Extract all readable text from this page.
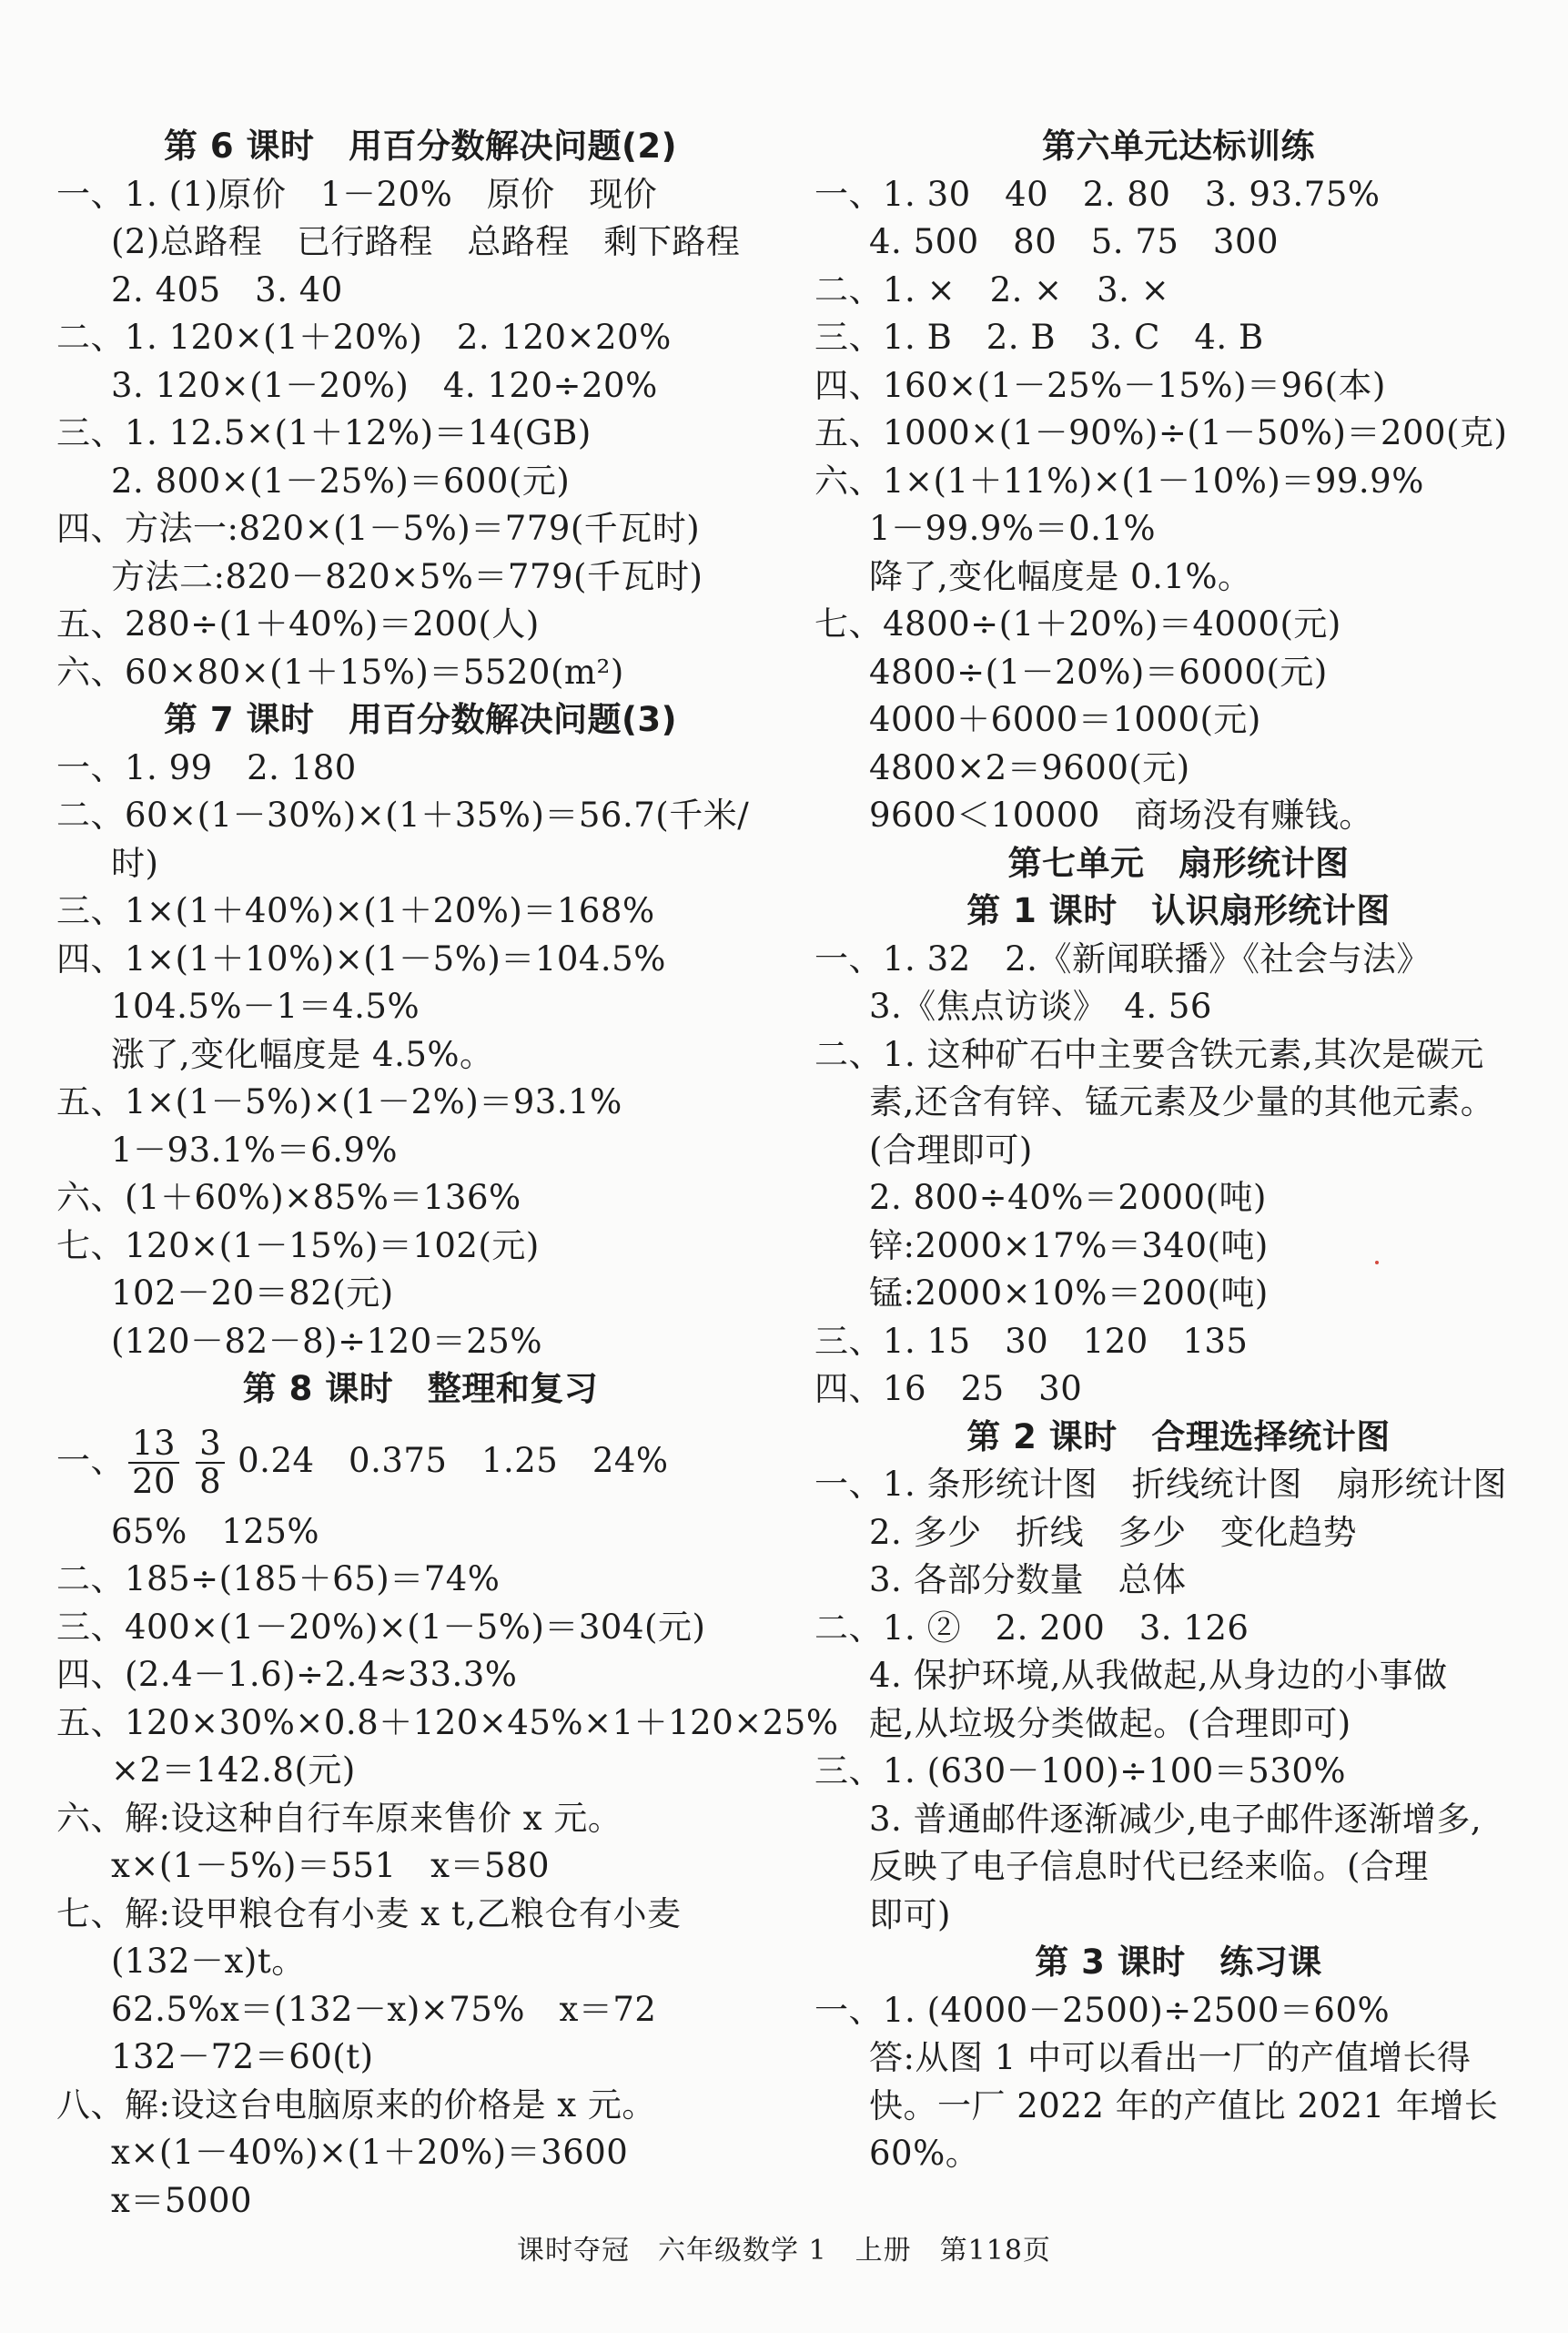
第 6 课时　用百分数解决问题(2)
一、1. (1)原价　1－20%　原价　现价
(2)总路程　已行路程　总路程　剩下路程
2. 405　3. 40
二、1. 120×(1＋20%)　2. 120×20%
3. 120×(1－20%)　4. 120÷20%
三、1. 12.5×(1＋12%)＝14(GB)
2. 800×(1－25%)＝600(元)
四、方法一:820×(1－5%)＝779(千瓦时)
方法二:820－820×5%＝779(千瓦时)
五、280÷(1＋40%)＝200(人)
六、60×80×(1＋15%)＝5520(m²)
第 7 课时　用百分数解决问题(3)
一、1. 99　2. 180
二、60×(1－30%)×(1＋35%)＝56.7(千米/
时)
三、1×(1＋40%)×(1＋20%)＝168%
四、1×(1＋10%)×(1－5%)＝104.5%
104.5%－1＝4.5%
涨了,变化幅度是 4.5%。
五、1×(1－5%)×(1－2%)＝93.1%
1－93.1%＝6.9%
六、(1＋60%)×85%＝136%
七、120×(1－15%)＝102(元)
102－20＝82(元)
(120－82－8)÷120＝25%
第 8 课时　整理和复习
一、 $\frac{13}{20} \frac{3}{8} 0.24$　0.375　1.25　24%
65%　125%
二、185÷(185＋65)＝74%
三、400×(1－20%)×(1－5%)＝304(元)
四、(2.4－1.6)÷2.4≈33.3%
五、120×30%×0.8＋120×45%×1＋120×25%
×2＝142.8(元)
六、解:设这种自行车原来售价 x 元。
x×(1－5%)＝551　x＝580
七、解:设甲粮仓有小麦 x t,乙粮仓有小麦
(132－x)t。
62.5%x＝(132－x)×75%　x＝72
132－72＝60(t)
八、解:设这台电脑原来的价格是 x 元。
x×(1－40%)×(1＋20%)＝3600
x＝5000
第六单元达标训练
一、1. 30　40　2. 80　3. 93.75%
4. 500　80　5. 75　300
二、1. ×　2. ×　3. ×
三、1. B　2. B　3. C　4. B
四、160×(1－25%－15%)＝96(本)
五、1000×(1－90%)÷(1－50%)＝200(克)
六、1×(1＋11%)×(1－10%)＝99.9%
1－99.9%＝0.1%
降了,变化幅度是 0.1%。
七、4800÷(1＋20%)＝4000(元)
4800÷(1－20%)＝6000(元)
4000＋6000＝1000(元)
4800×2＝9600(元)
9600＜10000　商场没有赚钱。
第七单元　扇形统计图
第 1 课时　认识扇形统计图
一、1. 32　2.《新闻联播》《社会与法》
3.《焦点访谈》　4. 56
二、1. 这种矿石中主要含铁元素,其次是碳元
素,还含有锌、锰元素及少量的其他元素。
(合理即可)
2. 800÷40%＝2000(吨)
锌:2000×17%＝340(吨)
锰:2000×10%＝200(吨)
三、1. 15　30　120　135
四、16　25　30
第 2 课时　合理选择统计图
一、1. 条形统计图　折线统计图　扇形统计图
2. 多少　折线　多少　变化趋势
3. 各部分数量　总体
二、1. ②　2. 200　3. 126
4. 保护环境,从我做起,从身边的小事做
起,从垃圾分类做起。(合理即可)
三、1. (630－100)÷100＝530%
3. 普通邮件逐渐减少,电子邮件逐渐增多,
反映了电子信息时代已经来临。(合理
即可)
第 3 课时　练习课
一、1. (4000－2500)÷2500＝60%
答:从图 1 中可以看出一厂的产值增长得
快。一厂 2022 年的产值比 2021 年增长
60%。
课时夺冠　六年级数学 1　上册　第118页
